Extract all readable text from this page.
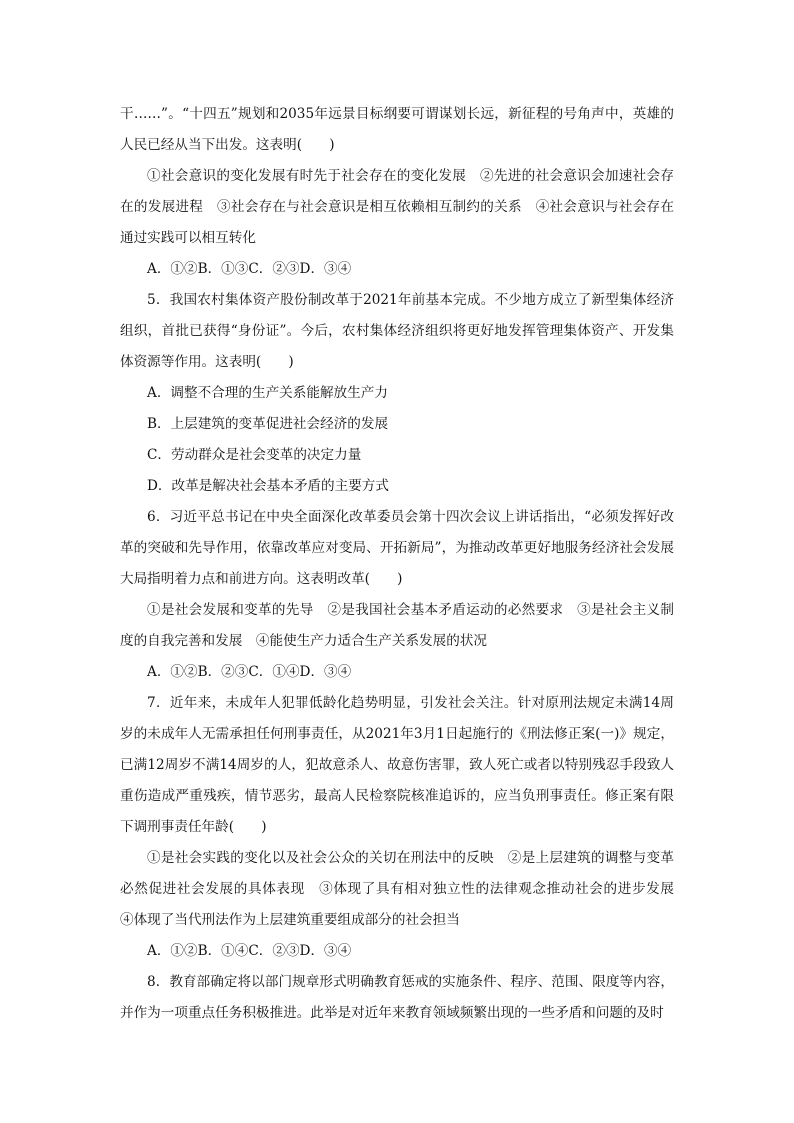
干……”。“十四五”规划和2035年远景目标纲要可谓谋划长远，新征程的号角声中，英雄的人民已经从当下出发。这表明(　　)

①社会意识的变化发展有时先于社会存在的变化发展　②先进的社会意识会加速社会存在的发展进程　③社会存在与社会意识是相互依赖相互制约的关系　④社会意识与社会存在通过实践可以相互转化

A．①②B．①③C．②③D．③④

5．我国农村集体资产股份制改革于2021年前基本完成。不少地方成立了新型集体经济组织，首批已获得“身份证”。今后，农村集体经济组织将更好地发挥管理集体资产、开发集体资源等作用。这表明(　　)

A．调整不合理的生产关系能解放生产力

B．上层建筑的变革促进社会经济的发展

C．劳动群众是社会变革的决定力量

D．改革是解决社会基本矛盾的主要方式

6．习近平总书记在中央全面深化改革委员会第十四次会议上讲话指出，“必须发挥好改革的突破和先导作用，依靠改革应对变局、开拓新局”，为推动改革更好地服务经济社会发展大局指明着力点和前进方向。这表明改革(　　)

①是社会发展和变革的先导　②是我国社会基本矛盾运动的必然要求　③是社会主义制度的自我完善和发展　④能使生产力适合生产关系发展的状况

A．①②B．②③C．①④D．③④

7．近年来，未成年人犯罪低龄化趋势明显，引发社会关注。针对原刑法规定未满14周岁的未成年人无需承担任何刑事责任，从2021年3月1日起施行的《刑法修正案(一)》规定，已满12周岁不满14周岁的人，犯故意杀人、故意伤害罪，致人死亡或者以特别残忍手段致人重伤造成严重残疾，情节恶劣，最高人民检察院核准追诉的，应当负刑事责任。修正案有限下调刑事责任年龄(　　)

①是社会实践的变化以及社会公众的关切在刑法中的反映　②是上层建筑的调整与变革必然促进社会发展的具体表现　③体现了具有相对独立性的法律观念推动社会的进步发展　④体现了当代刑法作为上层建筑重要组成部分的社会担当

A．①②B．①④C．②③D．③④

8．教育部确定将以部门规章形式明确教育惩戒的实施条件、程序、范围、限度等内容，并作为一项重点任务积极推进。此举是对近年来教育领域频繁出现的一些矛盾和问题的及时
